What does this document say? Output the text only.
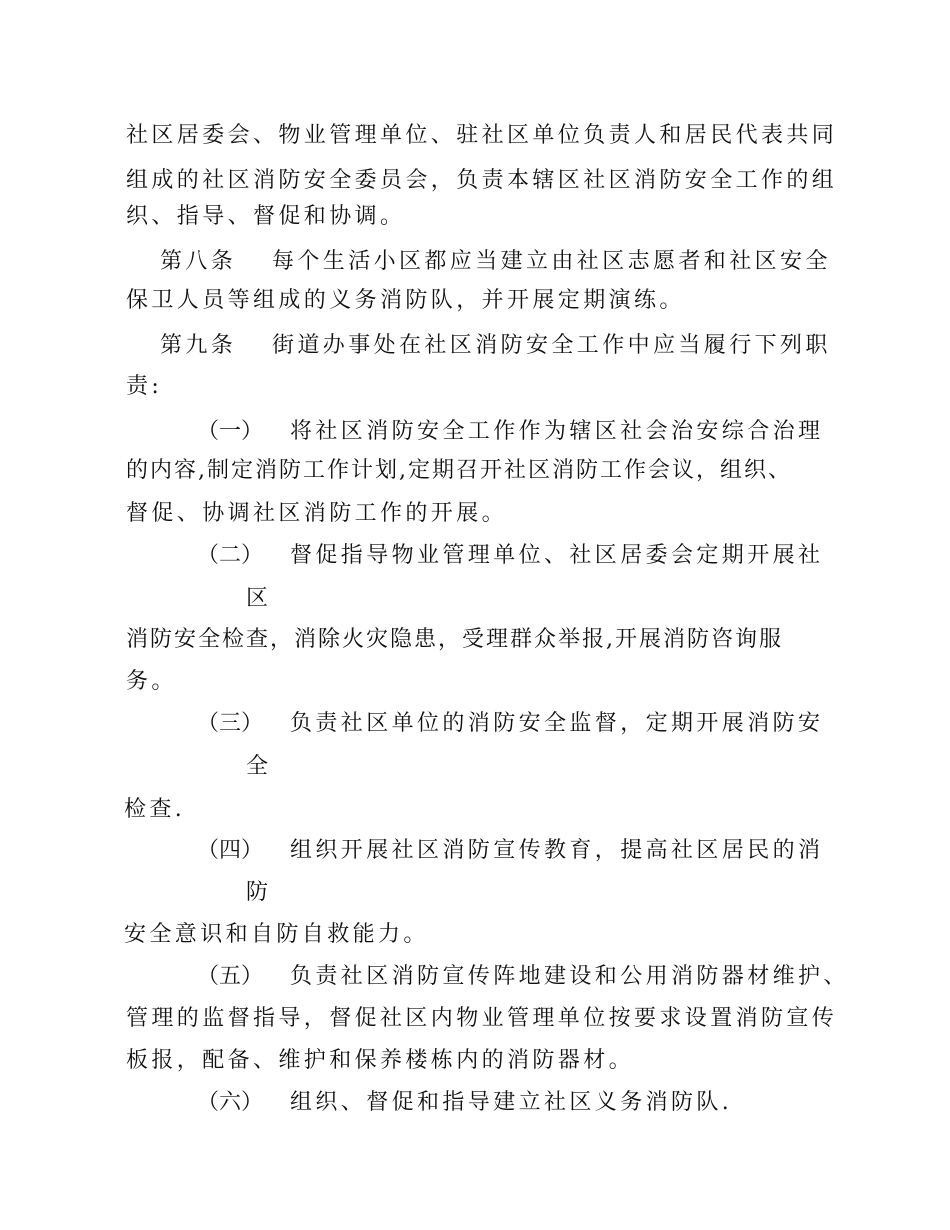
社区居委会、物业管理单位、驻社区单位负责人和居民代表共同

组成的社区消防安全委员会，负责本辖区社区消防安全工作的组

织、指导、督促和协调。

第八条 每个生活小区都应当建立由社区志愿者和社区安全

保卫人员等组成的义务消防队，并开展定期演练。

第九条 街道办事处在社区消防安全工作中应当履行下列职

责:

（一） 将社区消防安全工作作为辖区社会治安综合治理

的内容,制定消防工作计划,定期召开社区消防工作会议，组织、

督促、协调社区消防工作的开展。

（二） 督促指导物业管理单位、社区居委会定期开展社

区

消防安全检查，消除火灾隐患，受理群众举报,开展消防咨询服

务。

（三） 负责社区单位的消防安全监督，定期开展消防安

全

检查.

（四） 组织开展社区消防宣传教育，提高社区居民的消

防

安全意识和自防自救能力。

（五） 负责社区消防宣传阵地建设和公用消防器材维护、

管理的监督指导，督促社区内物业管理单位按要求设置消防宣传

板报，配备、维护和保养楼栋内的消防器材。

（六） 组织、督促和指导建立社区义务消防队.
